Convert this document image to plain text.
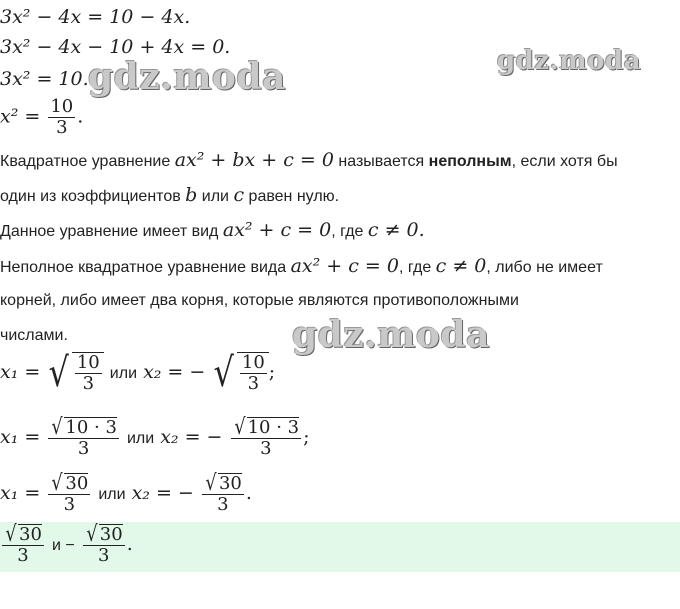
gdz.moda	gdz.moda
gdz.moda
3x² − 4x = 10 − 4x.
3x² − 4x − 10 + 4x = 0.
3x² = 10.
$x^2 = \frac{10}{3}$ .
Квадратное уравнение ax² + bx + c = 0 называется неполным, если хотя бы
один из коэффициентов b или c равен нулю.
Данное уравнение имеет вид ax² + c = 0, где c ≠ 0.
Неполное квадратное уравнение вида ax² + c = 0, где c ≠ 0, либо не имеет
корней, либо имеет два корня, которые являются противоположными
числами.
x₁ = √ $\frac{10}{3}$ или x₂ = − √ $\frac{10}{3}$ ;
$x_1 = \frac{√ 10 \cdot 3}{3}$ или x₂ = − $\frac{√ 10 \cdot 3}{3}$ ;
$x_1 = \frac{√ 30}{3}$ или x₂ = − $\frac{√ 30}{3}$ .
$\frac{√ 30}{3}$ $и - \frac{√ 30}{3}$ .
